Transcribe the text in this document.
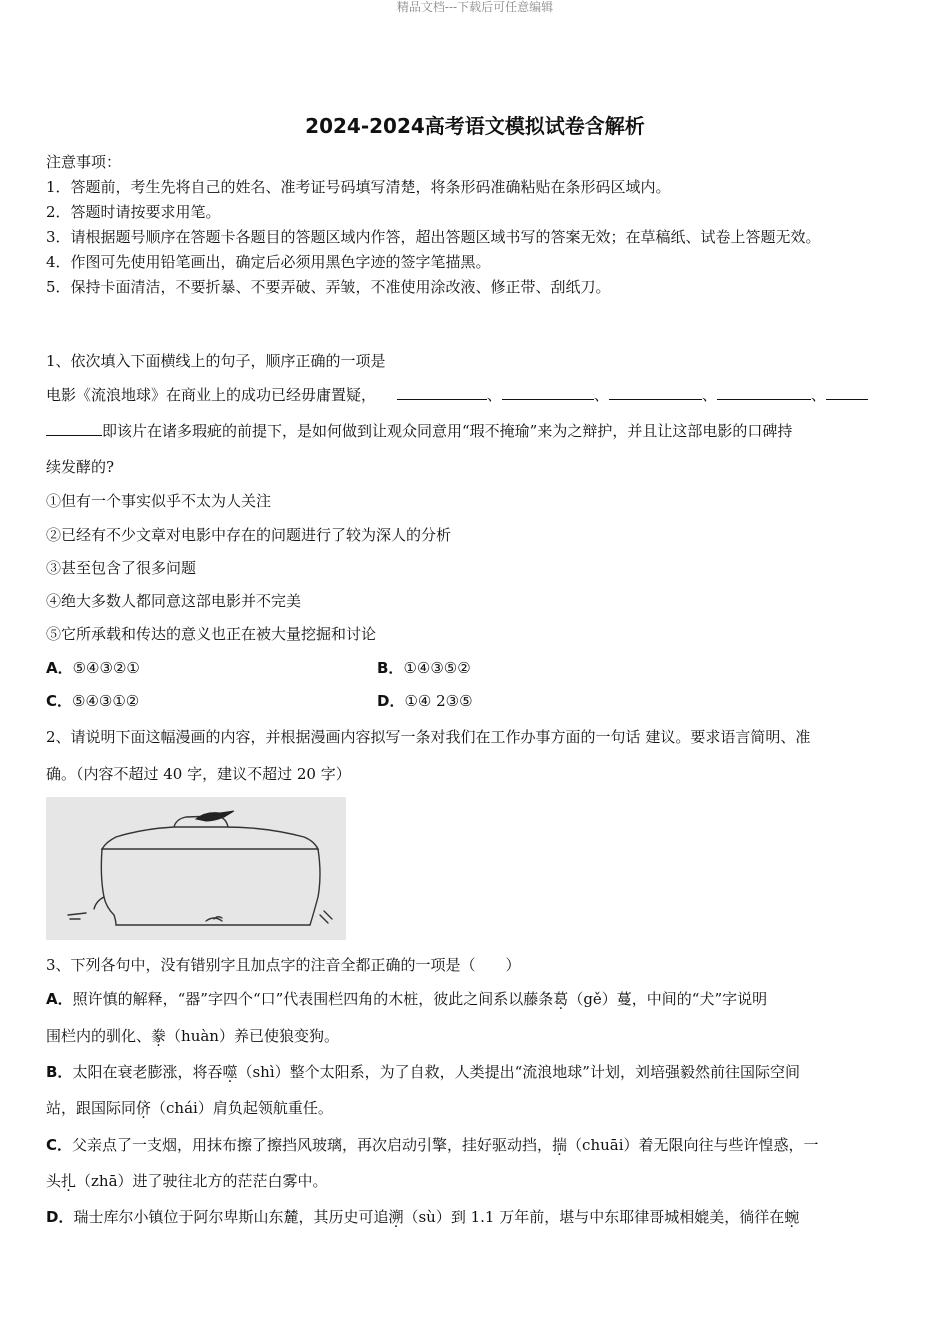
精品文档---下载后可任意编辑
2024-2024高考语文模拟试卷含解析
注意事项：
1．答题前，考生先将自己的姓名、准考证号码填写清楚，将条形码准确粘贴在条形码区域内。
2．答题时请按要求用笔。
3．请根据题号顺序在答题卡各题目的答题区域内作答，超出答题区域书写的答案无效；在草稿纸、试卷上答题无效。
4．作图可先使用铅笔画出，确定后必须用黑色字迹的签字笔描黑。
5．保持卡面清洁，不要折暴、不要弄破、弄皱，不准使用涂改液、修正带、刮纸刀。
1、依次填入下面横线上的句子，顺序正确的一项是
电影《流浪地球》在商业上的成功已经毋庸置疑，	、	、	、	、
即该片在诸多瑕疵的前提下，是如何做到让观众同意用“瑕不掩瑜”来为之辩护，并且让这部电影的口碑持
续发酵的?
①但有一个事实似乎不太为人关注
②已经有不少文章对电影中存在的问题进行了较为深人的分析
③甚至包含了很多问题
④绝大多数人都同意这部电影并不完美
⑤它所承载和传达的意义也正在被大量挖掘和讨论
A．⑤④③②①	B．①④③⑤②
C．⑤④③①②	D．①④ 2③⑤
2、请说明下面这幅漫画的内容，并根据漫画内容拟写一条对我们在工作办事方面的一句话 建议。要求语言简明、准
确。（内容不超过 40 字，建议不超过 20 字）
3、下列各句中，没有错别字且加点字的注音全都正确的一项是（　　）
A．照许慎的解释，“器”字四个“口”代表围栏四角的木桩，彼此之间系以藤条葛（gě）蔓，中间的“犬”字说明
围栏内的驯化、豢（huàn）养已使狼变狗。
B．太阳在衰老膨涨，将吞噬（shì）整个太阳系，为了自救，人类提出“流浪地球”计划，刘培强毅然前往国际空间
站，跟国际同侪（chái）肩负起领航重任。
C．父亲点了一支烟，用抹布擦了擦挡风玻璃，再次启动引擎，挂好驱动挡，揣（chuāi）着无限向往与些许惶惑，一
头扎（zhā）进了驶往北方的茫茫白雾中。
D．瑞士库尔小镇位于阿尔卑斯山东麓，其历史可追溯（sù）到 1.1 万年前，堪与中东耶律哥城相媲美，徜徉在蜿
